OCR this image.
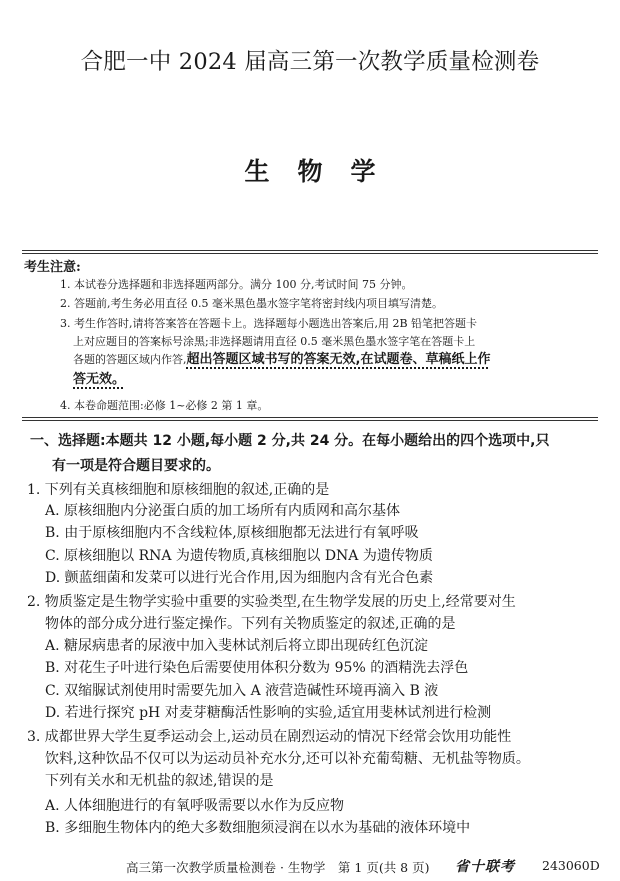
合肥一中 2024 届高三第一次教学质量检测卷
生物学
考生注意:
1. 本试卷分选择题和非选择题两部分。满分 100 分,考试时间 75 分钟。
2. 答题前,考生务必用直径 0.5 毫米黑色墨水签字笔将密封线内项目填写清楚。
3. 考生作答时,请将答案答在答题卡上。选择题每小题选出答案后,用 2B 铅笔把答题卡
上对应题目的答案标号涂黑;非选择题请用直径 0.5 毫米黑色墨水签字笔在答题卡上
各题的答题区域内作答,超出答题区域书写的答案无效,在试题卷、草稿纸上作
答无效。
4. 本卷命题范围:必修 1~必修 2 第 1 章。
一、选择题:本题共 12 小题,每小题 2 分,共 24 分。在每小题给出的四个选项中,只
有一项是符合题目要求的。
1. 下列有关真核细胞和原核细胞的叙述,正确的是
A. 原核细胞内分泌蛋白质的加工场所有内质网和高尔基体
B. 由于原核细胞内不含线粒体,原核细胞都无法进行有氧呼吸
C. 原核细胞以 RNA 为遗传物质,真核细胞以 DNA 为遗传物质
D. 颤蓝细菌和发菜可以进行光合作用,因为细胞内含有光合色素
2. 物质鉴定是生物学实验中重要的实验类型,在生物学发展的历史上,经常要对生
物体的部分成分进行鉴定操作。下列有关物质鉴定的叙述,正确的是
A. 糖尿病患者的尿液中加入斐林试剂后将立即出现砖红色沉淀
B. 对花生子叶进行染色后需要使用体积分数为 95% 的酒精洗去浮色
C. 双缩脲试剂使用时需要先加入 A 液营造碱性环境再滴入 B 液
D. 若进行探究 pH 对麦芽糖酶活性影响的实验,适宜用斐林试剂进行检测
3. 成都世界大学生夏季运动会上,运动员在剧烈运动的情况下经常会饮用功能性
饮料,这种饮品不仅可以为运动员补充水分,还可以补充葡萄糖、无机盐等物质。
下列有关水和无机盐的叙述,错误的是
A. 人体细胞进行的有氧呼吸需要以水作为反应物
B. 多细胞生物体内的绝大多数细胞须浸润在以水为基础的液体环境中
高三第一次教学质量检测卷 · 生物学　第 1 页(共 8 页) 省十联考 243060D
